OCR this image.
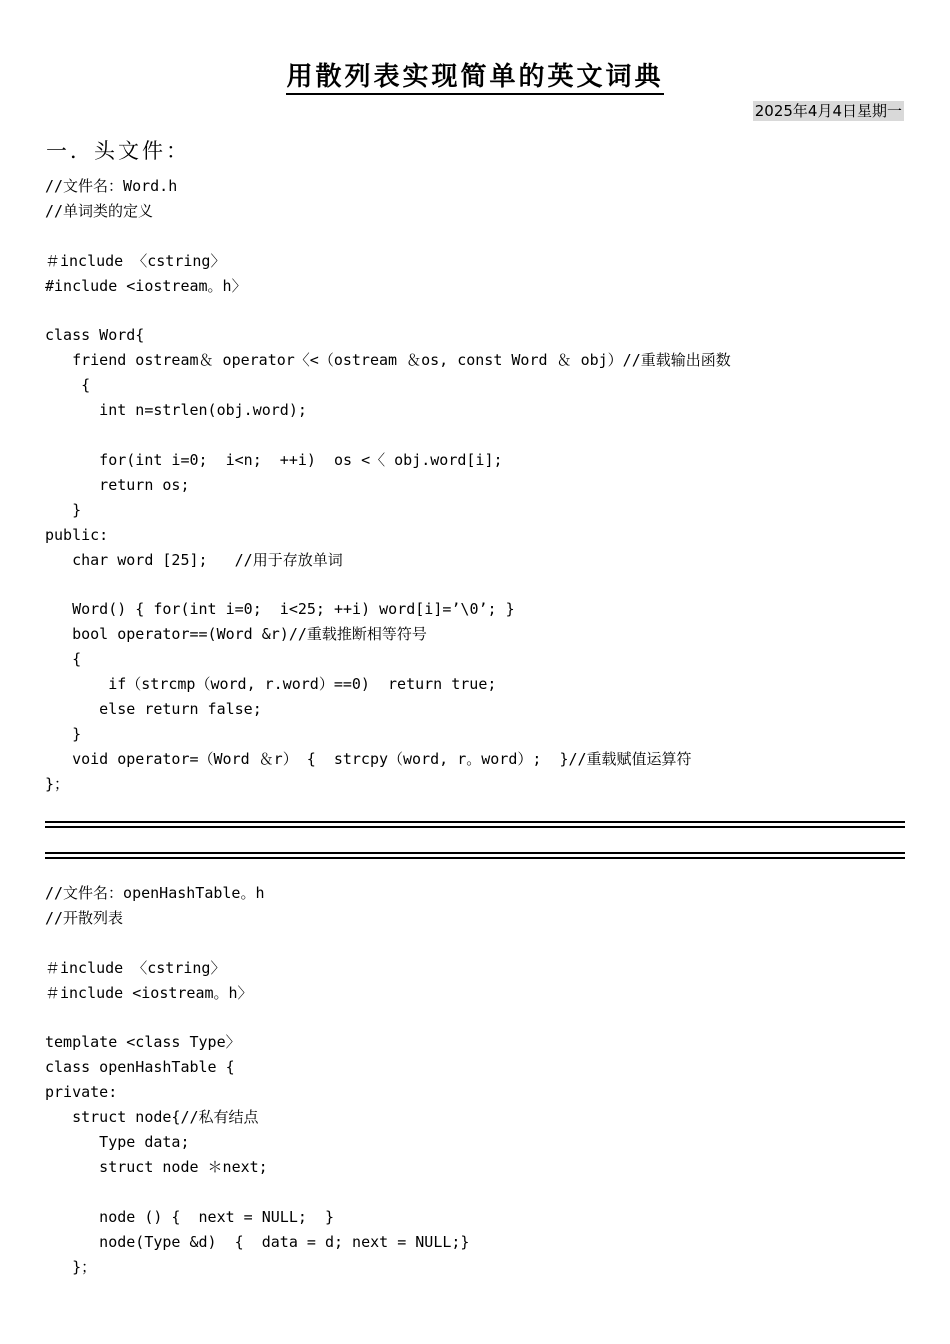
用散列表实现简单的英文词典
2025年4月4日星期一
一．头文件：
//文件名：Word.h
//单词类的定义

＃include 〈cstring〉
#include <iostream。h〉

class Word{
friend ostream＆ operator〈<（ostream ＆os, const Word ＆ obj）//重载输出函数
{
int n=strlen(obj.word);

for(int i=0;  i<n;  ++i)  os <〈 obj.word[i];
return os;
}
public:
char word [25];   //用于存放单词

Word() { for(int i=0;  i<25; ++i) word[i]=’\0’; }
bool operator==(Word &r)//重载推断相等符号
{
if（strcmp（word, r.word）==0)  return true;
else return false;
}
void operator=（Word ＆r） {  strcpy（word, r。word）;  }//重载赋值运算符
}；
//文件名：openHashTable。h
//开散列表

＃include 〈cstring〉
＃include <iostream。h〉

template <class Type〉
class openHashTable {
private:
struct node{//私有结点
Type data;
struct node ＊next;

node () {  next = NULL;  }
node(Type &d)  {  data = d; next = NULL;}
}；
